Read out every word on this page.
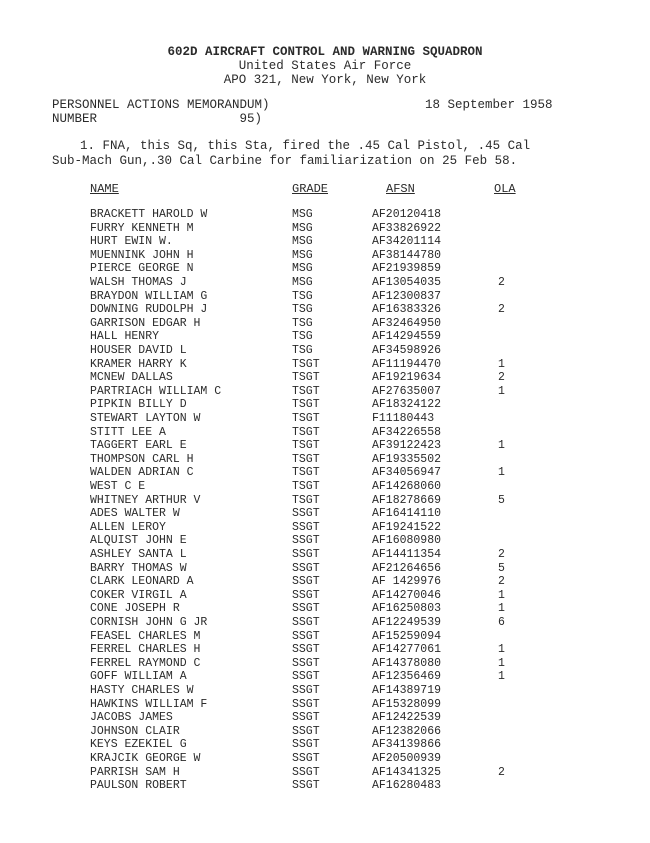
602D AIRCRAFT CONTROL AND WARNING SQUADRON
United States Air Force
APO 321, New York, New York
PERSONNEL ACTIONS MEMORANDUM)
NUMBER                   95)
18 September 1958
1. FNA, this Sq, this Sta, fired the .45 Cal Pistol, .45 Cal
Sub-Mach Gun,.30 Cal Carbine for familiarization on 25 Feb 58.
NAME	GRADE	AFSN	OLA
BRACKETT HAROLD W	MSG	AF20120418
FURRY KENNETH M	MSG	AF33826922
HURT EWIN W.	MSG	AF34201114
MUENNINK JOHN H	MSG	AF38144780
PIERCE GEORGE N	MSG	AF21939859
WALSH THOMAS J	MSG	AF13054035	2
BRAYDON WILLIAM G	TSG	AF12300837
DOWNING RUDOLPH J	TSG	AF16383326	2
GARRISON EDGAR H	TSG	AF32464950
HALL HENRY	TSG	AF14294559
HOUSER DAVID L	TSG	AF34598926
KRAMER HARRY K	TSGT	AF11194470	1
MCNEW DALLAS	TSGT	AF19219634	2
PARTRIACH WILLIAM C	TSGT	AF27635007	1
PIPKIN BILLY D	TSGT	AF18324122
STEWART LAYTON W	TSGT	F11180443
STITT LEE A	TSGT	AF34226558
TAGGERT EARL E	TSGT	AF39122423	1
THOMPSON CARL H	TSGT	AF19335502
WALDEN ADRIAN C	TSGT	AF34056947	1
WEST C E	TSGT	AF14268060
WHITNEY ARTHUR V	TSGT	AF18278669	5
ADES WALTER W	SSGT	AF16414110
ALLEN LEROY	SSGT	AF19241522
ALQUIST JOHN E	SSGT	AF16080980
ASHLEY SANTA L	SSGT	AF14411354	2
BARRY THOMAS W	SSGT	AF21264656	5
CLARK LEONARD A	SSGT	AF 1429976	2
COKER VIRGIL A	SSGT	AF14270046	1
CONE JOSEPH R	SSGT	AF16250803	1
CORNISH JOHN G JR	SSGT	AF12249539	6
FEASEL CHARLES M	SSGT	AF15259094
FERREL CHARLES H	SSGT	AF14277061	1
FERREL RAYMOND C	SSGT	AF14378080	1
GOFF WILLIAM A	SSGT	AF12356469	1
HASTY CHARLES W	SSGT	AF14389719
HAWKINS WILLIAM F	SSGT	AF15328099
JACOBS JAMES	SSGT	AF12422539
JOHNSON CLAIR	SSGT	AF12382066
KEYS EZEKIEL G	SSGT	AF34139866
KRAJCIK GEORGE W	SSGT	AF20500939
PARRISH SAM H	SSGT	AF14341325	2
PAULSON ROBERT	SSGT	AF16280483
